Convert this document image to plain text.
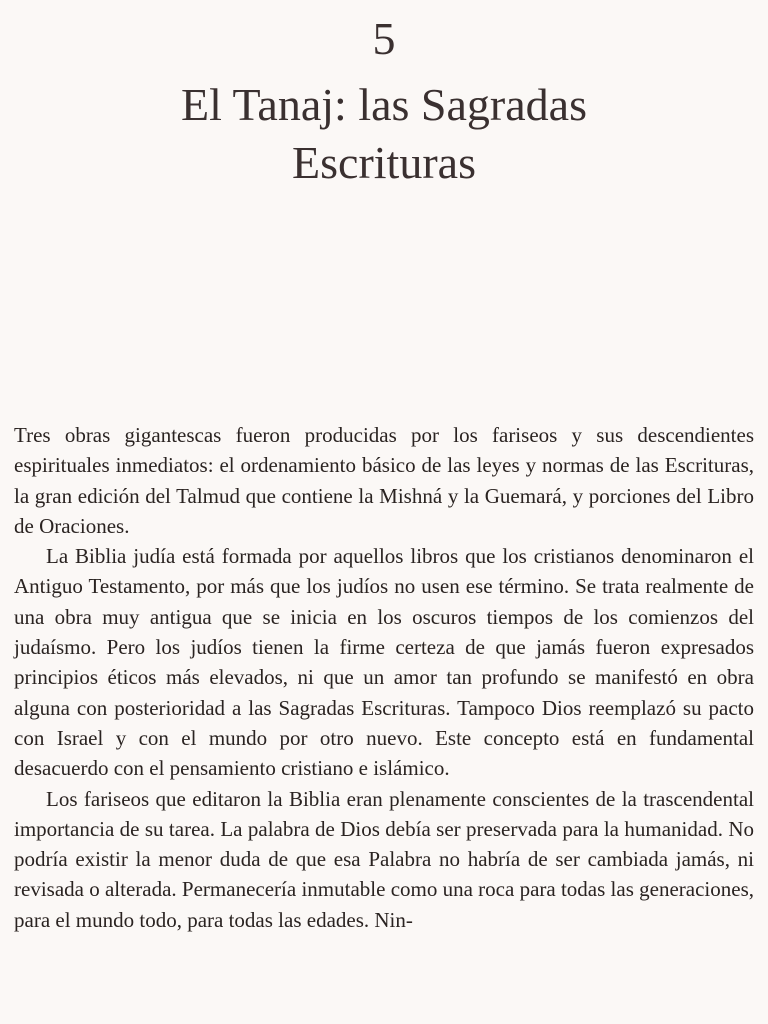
5
El Tanaj: las Sagradas
Escrituras

Tres obras gigantescas fueron producidas por los fariseos y sus descendientes espirituales inmediatos: el ordenamiento básico de las leyes y normas de las Escrituras, la gran edición del Talmud que contiene la Mishná y la Guemará, y porciones del Libro de Oraciones.

La Biblia judía está formada por aquellos libros que los cristianos denominaron el Antiguo Testamento, por más que los judíos no usen ese término. Se trata realmente de una obra muy antigua que se inicia en los oscuros tiempos de los comienzos del judaísmo. Pero los judíos tienen la firme certeza de que jamás fueron expresados principios éticos más elevados, ni que un amor tan profundo se manifestó en obra alguna con posterioridad a las Sagradas Escrituras. Tampoco Dios reemplazó su pacto con Israel y con el mundo por otro nuevo. Este concepto está en fundamental desacuerdo con el pensamiento cristiano e islámico.

Los fariseos que editaron la Biblia eran plenamente conscientes de la trascendental importancia de su tarea. La palabra de Dios debía ser preservada para la humanidad. No podría existir la menor duda de que esa Palabra no habría de ser cambiada jamás, ni revisada o alterada. Permanecería inmutable como una roca para todas las generaciones, para el mundo todo, para todas las edades. Nin-
